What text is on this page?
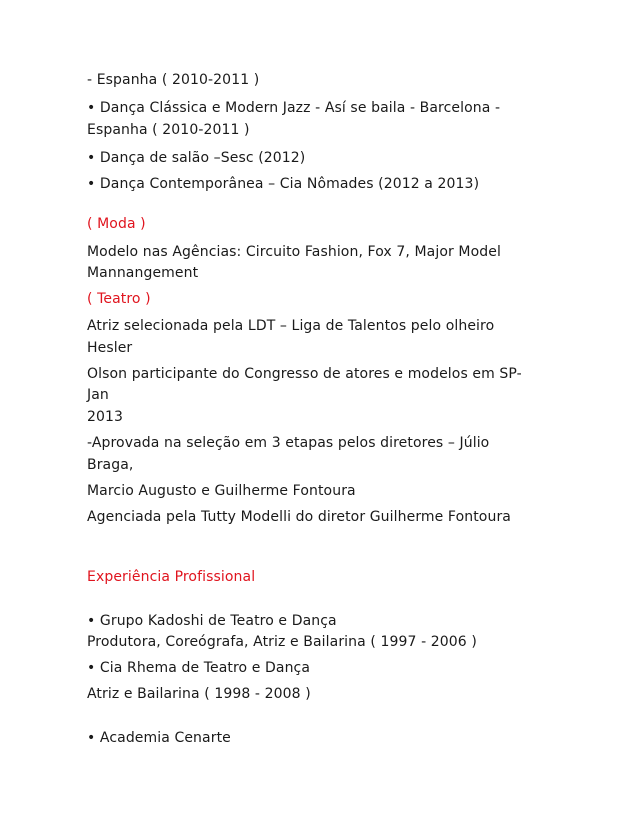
- Espanha ( 2010-2011 )
• Dança Clássica e Modern Jazz - Así se baila - Barcelona -
Espanha ( 2010-2011 )
• Dança de salão –Sesc (2012)
• Dança Contemporânea – Cia Nômades (2012 a 2013)
( Moda )
Modelo nas Agências: Circuito Fashion, Fox 7, Major Model
Mannangement
( Teatro )
Atriz selecionada pela LDT – Liga de Talentos pelo olheiro
Hesler
Olson participante do Congresso de atores e modelos em SP-
Jan
2013
-Aprovada na seleção em 3 etapas pelos diretores – Júlio
Braga,
Marcio Augusto e Guilherme Fontoura
Agenciada pela Tutty Modelli do diretor Guilherme Fontoura
Experiência Profissional
• Grupo Kadoshi de Teatro e Dança
Produtora, Coreógrafa, Atriz e Bailarina ( 1997 - 2006 )
• Cia Rhema de Teatro e Dança
Atriz e Bailarina ( 1998 - 2008 )
• Academia Cenarte
